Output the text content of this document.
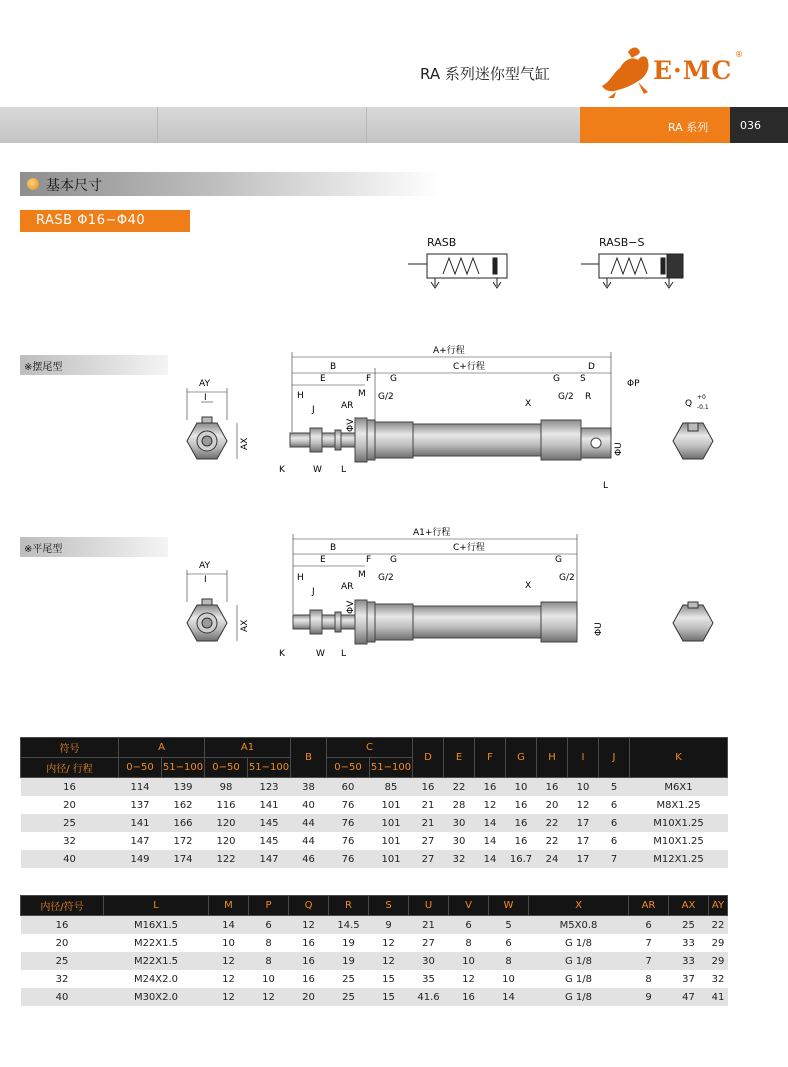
RA 系列迷你型气缸	E·MC
®
RA 系列	036
基本尺寸
RASB Φ16−Φ40
RASB	RASB−S
※摆尾型
AY
I
AX
A+行程
B	C+行程
E	F G	G S
D
ΦP
H	M G/2
J	AR	X
G/2 R
K	W L
L
ΦV
ΦU
Q
+0
-0.1
※平尾型
AY
I
AX
A1+行程
B	C+行程
E	F G	G
H	M G/2
J	AR	X
G/2
K	W L
ΦV
ΦU
符号	A		A1		B	C		D	E	F	G	H	I	J	K
内径/ 行程	0−50	51−100	0−50	51−100		0−50	51−100								
16	114	139	98	123	38	60	85	16	22	16	10	16	10	5	M6X1
20	137	162	116	141	40	76	101	21	28	12	16	20	12	6	M8X1.25
25	141	166	120	145	44	76	101	21	30	14	16	22	17	6	M10X1.25
32	147	172	120	145	44	76	101	27	30	14	16	22	17	6	M10X1.25
40	149	174	122	147	46	76	101	27	32	14	16.7	24	17	7	M12X1.25
内径/符号	L	M	P	Q	R	S	U	V	W	X	AR	AX	AY
16	M16X1.5	14	6	12	14.5	9	21	6	5	M5X0.8	6	25	22
20	M22X1.5	10	8	16	19	12	27	8	6	G 1/8	7	33	29
25	M22X1.5	12	8	16	19	12	30	10	8	G 1/8	7	33	29
32	M24X2.0	12	10	16	25	15	35	12	10	G 1/8	8	37	32
40	M30X2.0	12	12	20	25	15	41.6	16	14	G 1/8	9	47	41
